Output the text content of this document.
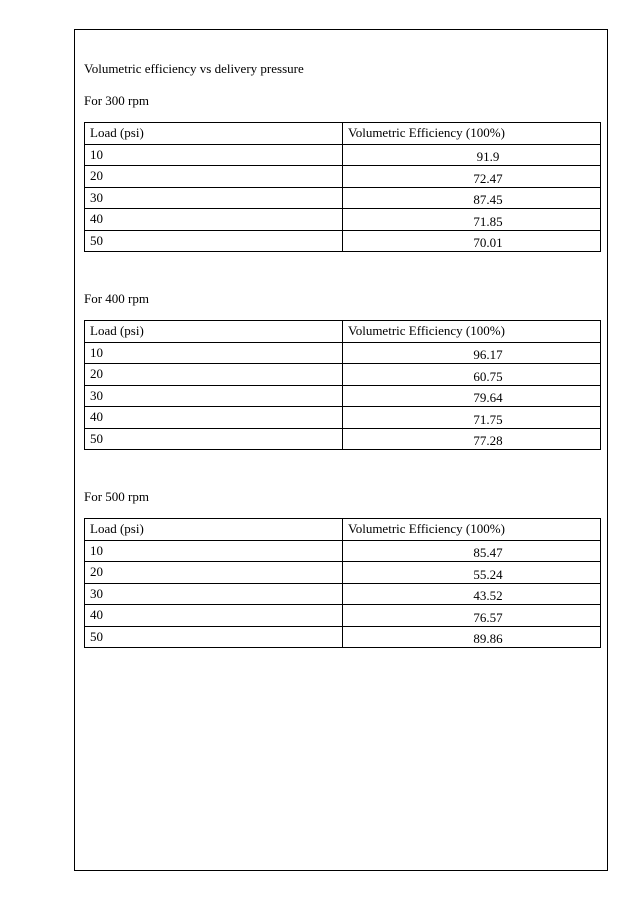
Volumetric efficiency vs delivery pressure
For 300 rpm
Load (psi)	Volumetric Efficiency (100%)
10	91.9
20	72.47
30	87.45
40	71.85
50	70.01
For 400 rpm
Load (psi)	Volumetric Efficiency (100%)
10	96.17
20	60.75
30	79.64
40	71.75
50	77.28
For 500 rpm
Load (psi)	Volumetric Efficiency (100%)
10	85.47
20	55.24
30	43.52
40	76.57
50	89.86
